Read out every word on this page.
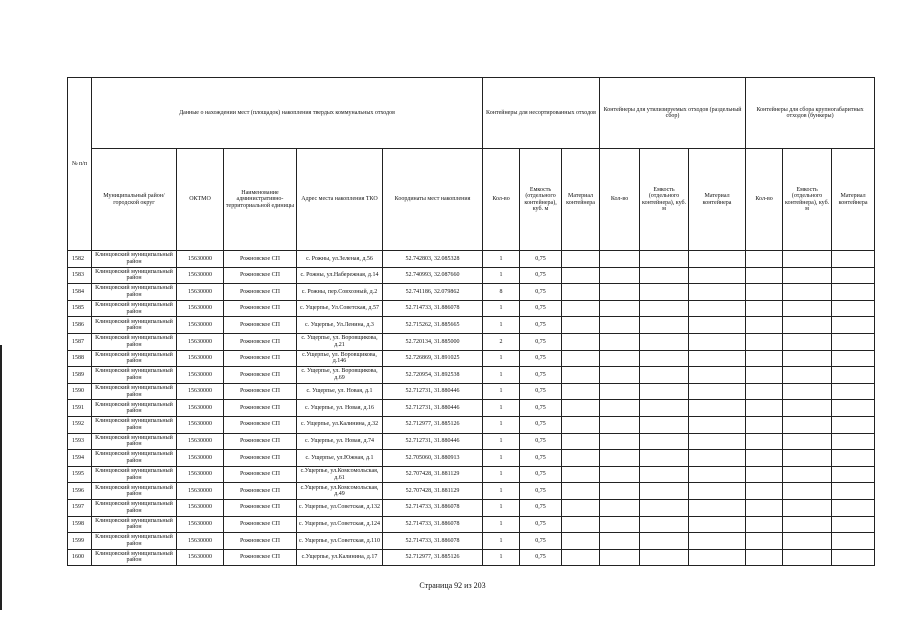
№ п/п	Данные о нахождении мест (площадок) накопления твердых коммунальных отходов					Контейнеры для несортированных отходов			Контейнеры для утилизируемых отходов (раздельный сбор)			Контейнеры для сбора крупногабаритных отходов (бункеры)		
	Муниципальный район/городской округ	ОКТМО	Наименование административно-территориальной единицы	Адрес места накопления ТКО	Координаты мест накопления	Кол-во	Емкость (отдельного контейнера), куб. м	Материал контейнера	Кол-во	Емкость (отдельного контейнера), куб. м	Материал контейнера	Кол-во	Емкость (отдельного контейнера), куб. м	Материал контейнера
1582	Клинцовский муниципальный район	15630000	Рожновское СП	с. Рожны, ул.Зеленая, д.56	52.742803, 32.085328	1	0,75							
1583	Клинцовский муниципальный район	15630000	Рожновское СП	с. Рожны, ул.Набережная, д.14	52.740993, 32.087660	1	0,75							
1584	Клинцовский муниципальный район	15630000	Рожновское СП	с. Рожны, пер.Совхозный, д.2	52.741186, 32.079862	8	0,75							
1585	Клинцовский муниципальный район	15630000	Рожновское СП	с. Ущерпье, Ул.Советская, д.57	52.714733, 31.886078	1	0,75							
1586	Клинцовский муниципальный район	15630000	Рожновское СП	с. Ущерпье, Ул.Ленина, д.3	52.715262, 31.885665	1	0,75							
1587	Клинцовский муниципальный район	15630000	Рожновское СП	с. Ущерпье, ул. Воровщикова, д.21	52.720134, 31.885000	2	0,75							
1588	Клинцовский муниципальный район	15630000	Рожновское СП	с.Ущерпье, ул. Воровщикова, д.146	52.726869, 31.891025	1	0,75							
1589	Клинцовский муниципальный район	15630000	Рожновское СП	с. Ущерпье, ул. Воровщикова, д.69	52.720954, 31.892538	1	0,75							
1590	Клинцовский муниципальный район	15630000	Рожновское СП	с. Ущерпье, ул. Новая, д.1	52.712731, 31.880446	1	0,75							
1591	Клинцовский муниципальный район	15630000	Рожновское СП	с. Ущерпье, ул. Новая, д.16	52.712731, 31.880446	1	0,75							
1592	Клинцовский муниципальный район	15630000	Рожновское СП	с. Ущерпье, ул.Калинина, д.32	52.712977, 31.885126	1	0,75							
1593	Клинцовский муниципальный район	15630000	Рожновское СП	с. Ущерпье, ул. Новая, д.74	52.712731, 31.880446	1	0,75							
1594	Клинцовский муниципальный район	15630000	Рожновское СП	с. Ущерпье, ул.Южная, д.1	52.705060, 31.880913	1	0,75							
1595	Клинцовский муниципальный район	15630000	Рожновское СП	с.Ущерпье, ул.Комсомольская, д.61	52.707428, 31.881129	1	0,75							
1596	Клинцовский муниципальный район	15630000	Рожновское СП	с.Ущерпье, ул.Комсомольская, д.49	52.707428, 31.881129	1	0,75							
1597	Клинцовский муниципальный район	15630000	Рожновское СП	с. Ущерпье, ул.Советская, д.132	52.714733, 31.886078	1	0,75							
1598	Клинцовский муниципальный район	15630000	Рожновское СП	с. Ущерпье, ул.Советская, д.124	52.714733, 31.886078	1	0,75							
1599	Клинцовский муниципальный район	15630000	Рожновское СП	с. Ущерпье, ул.Советская, д.110	52.714733, 31.886078	1	0,75							
1600	Клинцовский муниципальный район	15630000	Рожновское СП	с.Ущерпье, ул.Калинина, д.17	52.712977, 31.885126	1	0,75							
Страница 92 из 203
